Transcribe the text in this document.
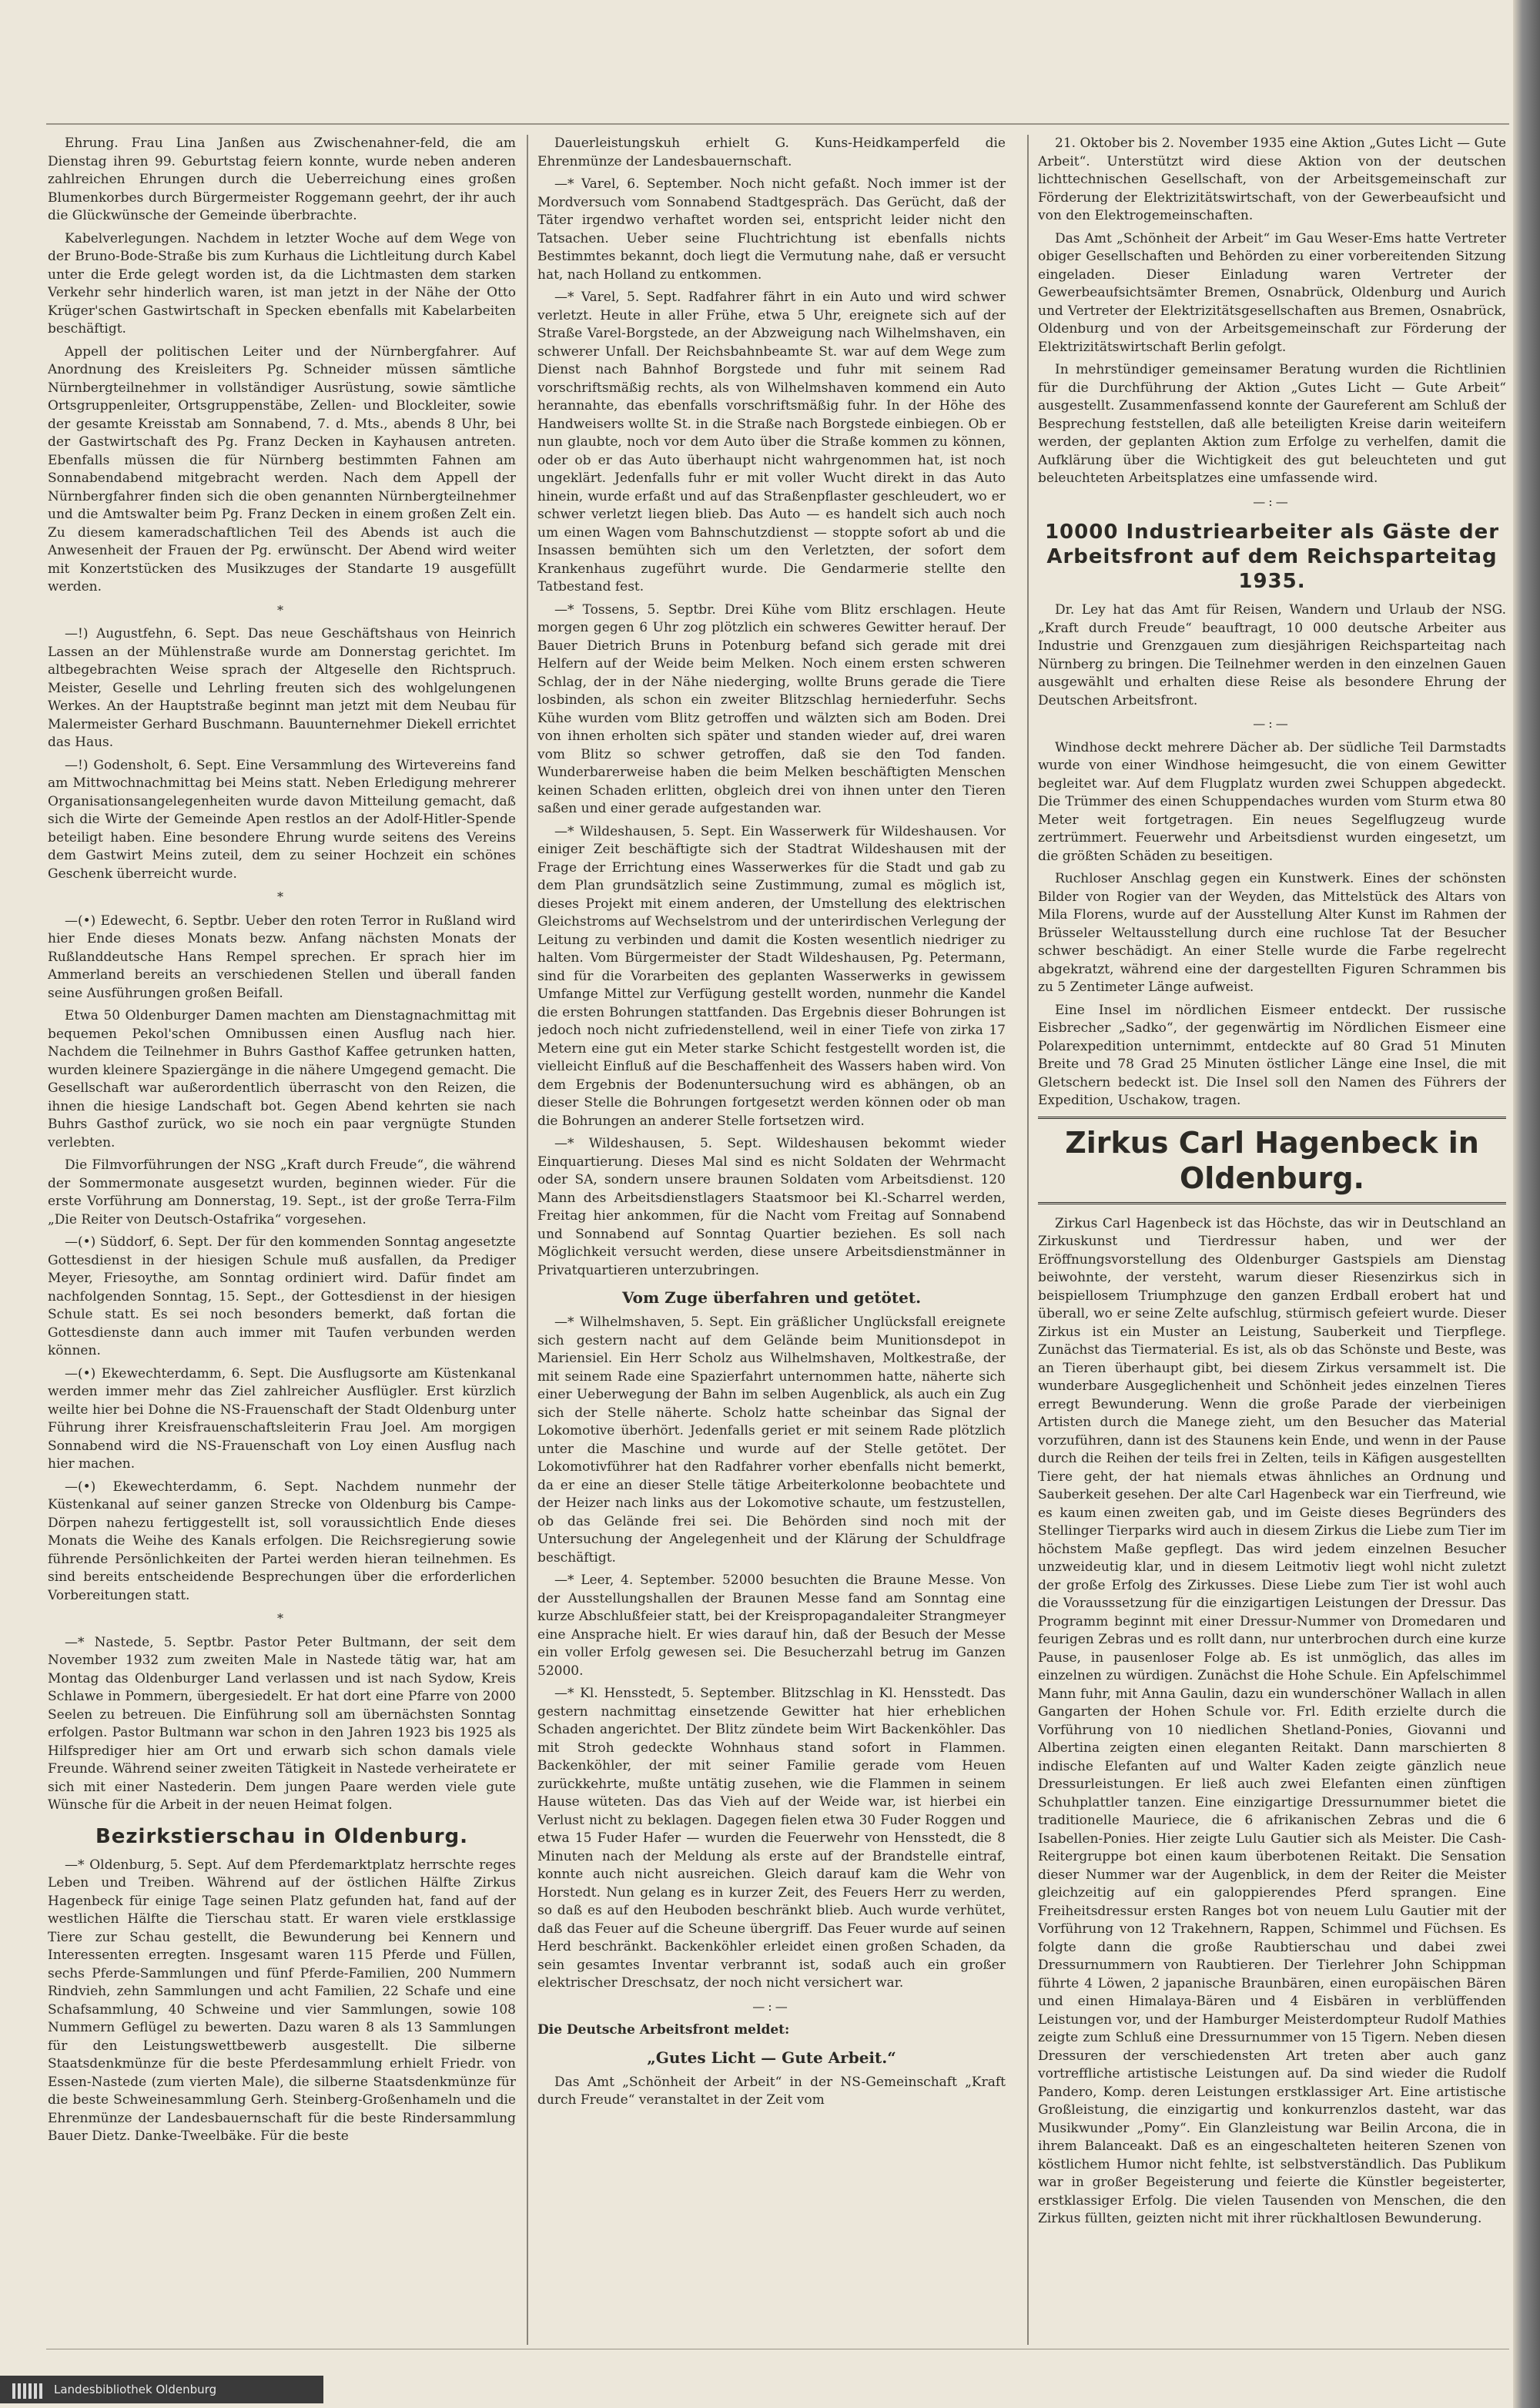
Ehrung. Frau Lina Janßen aus Zwischenahner-feld, die am Dienstag ihren 99. Geburtstag feiern konnte, wurde neben anderen zahlreichen Ehrungen durch die Ueberreichung eines großen Blumenkorbes durch Bürgermeister Roggemann geehrt, der ihr auch die Glückwünsche der Gemeinde überbrachte.

Kabelverlegungen. Nachdem in letzter Woche auf dem Wege von der Bruno-Bode-Straße bis zum Kurhaus die Lichtleitung durch Kabel unter die Erde gelegt worden ist, da die Lichtmasten dem starken Verkehr sehr hinderlich waren, ist man jetzt in der Nähe der Otto Krüger'schen Gastwirtschaft in Specken ebenfalls mit Kabelarbeiten beschäftigt.

Appell der politischen Leiter und der Nürnbergfahrer. Auf Anordnung des Kreisleiters Pg. Schneider müssen sämtliche Nürnbergteilnehmer in vollständiger Ausrüstung, sowie sämtliche Ortsgruppenleiter, Ortsgruppenstäbe, Zellen- und Blockleiter, sowie der gesamte Kreisstab am Sonnabend, 7. d. Mts., abends 8 Uhr, bei der Gastwirtschaft des Pg. Franz Decken in Kayhausen antreten. Ebenfalls müssen die für Nürnberg bestimmten Fahnen am Sonnabendabend mitgebracht werden. Nach dem Appell der Nürnbergfahrer finden sich die oben genannten Nürnbergteilnehmer und die Amtswalter beim Pg. Franz Decken in einem großen Zelt ein. Zu diesem kameradschaftlichen Teil des Abends ist auch die Anwesenheit der Frauen der Pg. erwünscht. Der Abend wird weiter mit Konzertstücken des Musikzuges der Standarte 19 ausgefüllt werden.

*

—!) Augustfehn, 6. Sept. Das neue Geschäftshaus von Heinrich Lassen an der Mühlenstraße wurde am Donnerstag gerichtet. Im altbegebrachten Weise sprach der Altgeselle den Richtspruch. Meister, Geselle und Lehrling freuten sich des wohlgelungenen Werkes. An der Hauptstraße beginnt man jetzt mit dem Neubau für Malermeister Gerhard Buschmann. Bauunternehmer Diekell errichtet das Haus.

—!) Godensholt, 6. Sept. Eine Versammlung des Wirtevereins fand am Mittwochnachmittag bei Meins statt. Neben Erledigung mehrerer Organisationsangelegenheiten wurde davon Mitteilung gemacht, daß sich die Wirte der Gemeinde Apen restlos an der Adolf-Hitler-Spende beteiligt haben. Eine besondere Ehrung wurde seitens des Vereins dem Gastwirt Meins zuteil, dem zu seiner Hochzeit ein schönes Geschenk überreicht wurde.

*

—(•) Edewecht, 6. Septbr. Ueber den roten Terror in Rußland wird hier Ende dieses Monats bezw. Anfang nächsten Monats der Rußlanddeutsche Hans Rempel sprechen. Er sprach hier im Ammerland bereits an verschiedenen Stellen und überall fanden seine Ausführungen großen Beifall.

Etwa 50 Oldenburger Damen machten am Dienstagnachmittag mit bequemen Pekol'schen Omnibussen einen Ausflug nach hier. Nachdem die Teilnehmer in Buhrs Gasthof Kaffee getrunken hatten, wurden kleinere Spaziergänge in die nähere Umgegend gemacht. Die Gesellschaft war außerordentlich überrascht von den Reizen, die ihnen die hiesige Landschaft bot. Gegen Abend kehrten sie nach Buhrs Gasthof zurück, wo sie noch ein paar vergnügte Stunden verlebten.

Die Filmvorführungen der NSG „Kraft durch Freude“, die während der Sommermonate ausgesetzt wurden, beginnen wieder. Für die erste Vorführung am Donnerstag, 19. Sept., ist der große Terra-Film „Die Reiter von Deutsch-Ostafrika“ vorgesehen.

—(•) Süddorf, 6. Sept. Der für den kommenden Sonntag angesetzte Gottesdienst in der hiesigen Schule muß ausfallen, da Prediger Meyer, Friesoythe, am Sonntag ordiniert wird. Dafür findet am nachfolgenden Sonntag, 15. Sept., der Gottesdienst in der hiesigen Schule statt. Es sei noch besonders bemerkt, daß fortan die Gottesdienste dann auch immer mit Taufen verbunden werden können.

—(•) Ekewechterdamm, 6. Sept. Die Ausflugsorte am Küstenkanal werden immer mehr das Ziel zahlreicher Ausflügler. Erst kürzlich weilte hier bei Dohne die NS-Frauenschaft der Stadt Oldenburg unter Führung ihrer Kreisfrauenschaftsleiterin Frau Joel. Am morgigen Sonnabend wird die NS-Frauenschaft von Loy einen Ausflug nach hier machen.

—(•) Ekewechterdamm, 6. Sept. Nachdem nunmehr der Küstenkanal auf seiner ganzen Strecke von Oldenburg bis Campe-Dörpen nahezu fertiggestellt ist, soll voraussichtlich Ende dieses Monats die Weihe des Kanals erfolgen. Die Reichsregierung sowie führende Persönlichkeiten der Partei werden hieran teilnehmen. Es sind bereits entscheidende Besprechungen über die erforderlichen Vorbereitungen statt.

*

—* Nastede, 5. Septbr. Pastor Peter Bultmann, der seit dem November 1932 zum zweiten Male in Nastede tätig war, hat am Montag das Oldenburger Land verlassen und ist nach Sydow, Kreis Schlawe in Pommern, übergesiedelt. Er hat dort eine Pfarre von 2000 Seelen zu betreuen. Die Einführung soll am übernächsten Sonntag erfolgen. Pastor Bultmann war schon in den Jahren 1923 bis 1925 als Hilfsprediger hier am Ort und erwarb sich schon damals viele Freunde. Während seiner zweiten Tätigkeit in Nastede verheiratete er sich mit einer Nastederin. Dem jungen Paare werden viele gute Wünsche für die Arbeit in der neuen Heimat folgen.

Bezirkstierschau in Oldenburg.

—* Oldenburg, 5. Sept. Auf dem Pferdemarktplatz herrschte reges Leben und Treiben. Während auf der östlichen Hälfte Zirkus Hagenbeck für einige Tage seinen Platz gefunden hat, fand auf der westlichen Hälfte die Tierschau statt. Er waren viele erstklassige Tiere zur Schau gestellt, die Bewunderung bei Kennern und Interessenten erregten. Insgesamt waren 115 Pferde und Füllen, sechs Pferde-Sammlungen und fünf Pferde-Familien, 200 Nummern Rindvieh, zehn Sammlungen und acht Familien, 22 Schafe und eine Schafsammlung, 40 Schweine und vier Sammlungen, sowie 108 Nummern Geflügel zu bewerten. Dazu waren 8 als 13 Sammlungen für den Leistungswettbewerb ausgestellt. Die silberne Staatsdenkmünze für die beste Pferdesammlung erhielt Friedr. von Essen-Nastede (zum vierten Male), die silberne Staatsdenkmünze für die beste Schweinesammlung Gerh. Steinberg-Großenhameln und die Ehrenmünze der Landesbauernschaft für die beste Rindersammlung Bauer Dietz. Danke-Tweelbäke. Für die beste

Dauerleistungskuh erhielt G. Kuns-Heidkamperfeld die Ehrenmünze der Landesbauernschaft.

—* Varel, 6. September. Noch nicht gefaßt. Noch immer ist der Mordversuch vom Sonnabend Stadtgespräch. Das Gerücht, daß der Täter irgendwo verhaftet worden sei, entspricht leider nicht den Tatsachen. Ueber seine Fluchtrichtung ist ebenfalls nichts Bestimmtes bekannt, doch liegt die Vermutung nahe, daß er versucht hat, nach Holland zu entkommen.

—* Varel, 5. Sept. Radfahrer fährt in ein Auto und wird schwer verletzt. Heute in aller Frühe, etwa 5 Uhr, ereignete sich auf der Straße Varel-Borgstede, an der Abzweigung nach Wilhelmshaven, ein schwerer Unfall. Der Reichsbahnbeamte St. war auf dem Wege zum Dienst nach Bahnhof Borgstede und fuhr mit seinem Rad vorschriftsmäßig rechts, als von Wilhelmshaven kommend ein Auto herannahte, das ebenfalls vorschriftsmäßig fuhr. In der Höhe des Handweisers wollte St. in die Straße nach Borgstede einbiegen. Ob er nun glaubte, noch vor dem Auto über die Straße kommen zu können, oder ob er das Auto überhaupt nicht wahrgenommen hat, ist noch ungeklärt. Jedenfalls fuhr er mit voller Wucht direkt in das Auto hinein, wurde erfaßt und auf das Straßenpflaster geschleudert, wo er schwer verletzt liegen blieb. Das Auto — es handelt sich auch noch um einen Wagen vom Bahnschutzdienst — stoppte sofort ab und die Insassen bemühten sich um den Verletzten, der sofort dem Krankenhaus zugeführt wurde. Die Gendarmerie stellte den Tatbestand fest.

—* Tossens, 5. Septbr. Drei Kühe vom Blitz erschlagen. Heute morgen gegen 6 Uhr zog plötzlich ein schweres Gewitter herauf. Der Bauer Dietrich Bruns in Potenburg befand sich gerade mit drei Helfern auf der Weide beim Melken. Noch einem ersten schweren Schlag, der in der Nähe niederging, wollte Bruns gerade die Tiere losbinden, als schon ein zweiter Blitzschlag herniederfuhr. Sechs Kühe wurden vom Blitz getroffen und wälzten sich am Boden. Drei von ihnen erholten sich später und standen wieder auf, drei waren vom Blitz so schwer getroffen, daß sie den Tod fanden. Wunderbarerweise haben die beim Melken beschäftigten Menschen keinen Schaden erlitten, obgleich drei von ihnen unter den Tieren saßen und einer gerade aufgestanden war.

—* Wildeshausen, 5. Sept. Ein Wasserwerk für Wildeshausen. Vor einiger Zeit beschäftigte sich der Stadtrat Wildeshausen mit der Frage der Errichtung eines Wasserwerkes für die Stadt und gab zu dem Plan grundsätzlich seine Zustimmung, zumal es möglich ist, dieses Projekt mit einem anderen, der Umstellung des elektrischen Gleichstroms auf Wechselstrom und der unterirdischen Verlegung der Leitung zu verbinden und damit die Kosten wesentlich niedriger zu halten. Vom Bürgermeister der Stadt Wildeshausen, Pg. Petermann, sind für die Vorarbeiten des geplanten Wasserwerks in gewissem Umfange Mittel zur Verfügung gestellt worden, nunmehr die Kandel die ersten Bohrungen stattfanden. Das Ergebnis dieser Bohrungen ist jedoch noch nicht zufriedenstellend, weil in einer Tiefe von zirka 17 Metern eine gut ein Meter starke Schicht festgestellt worden ist, die vielleicht Einfluß auf die Beschaffenheit des Wassers haben wird. Von dem Ergebnis der Bodenuntersuchung wird es abhängen, ob an dieser Stelle die Bohrungen fortgesetzt werden können oder ob man die Bohrungen an anderer Stelle fortsetzen wird.

—* Wildeshausen, 5. Sept. Wildeshausen bekommt wieder Einquartierung. Dieses Mal sind es nicht Soldaten der Wehrmacht oder SA, sondern unsere braunen Soldaten vom Arbeitsdienst. 120 Mann des Arbeitsdienstlagers Staatsmoor bei Kl.-Scharrel werden, Freitag hier ankommen, für die Nacht vom Freitag auf Sonnabend und Sonnabend auf Sonntag Quartier beziehen. Es soll nach Möglichkeit versucht werden, diese unsere Arbeitsdienstmänner in Privatquartieren unterzubringen.

Vom Zuge überfahren und getötet.

—* Wilhelmshaven, 5. Sept. Ein gräßlicher Unglücksfall ereignete sich gestern nacht auf dem Gelände beim Munitionsdepot in Mariensiel. Ein Herr Scholz aus Wilhelmshaven, Moltkestraße, der mit seinem Rade eine Spazierfahrt unternommen hatte, näherte sich einer Ueberwegung der Bahn im selben Augenblick, als auch ein Zug sich der Stelle näherte. Scholz hatte scheinbar das Signal der Lokomotive überhört. Jedenfalls geriet er mit seinem Rade plötzlich unter die Maschine und wurde auf der Stelle getötet. Der Lokomotivführer hat den Radfahrer vorher ebenfalls nicht bemerkt, da er eine an dieser Stelle tätige Arbeiterkolonne beobachtete und der Heizer nach links aus der Lokomotive schaute, um festzustellen, ob das Gelände frei sei. Die Behörden sind noch mit der Untersuchung der Angelegenheit und der Klärung der Schuldfrage beschäftigt.

—* Leer, 4. September. 52000 besuchten die Braune Messe. Von der Ausstellungshallen der Braunen Messe fand am Sonntag eine kurze Abschlußfeier statt, bei der Kreispropagandaleiter Strangmeyer eine Ansprache hielt. Er wies darauf hin, daß der Besuch der Messe ein voller Erfolg gewesen sei. Die Besucherzahl betrug im Ganzen 52000.

—* Kl. Hensstedt, 5. September. Blitzschlag in Kl. Hensstedt. Das gestern nachmittag einsetzende Gewitter hat hier erheblichen Schaden angerichtet. Der Blitz zündete beim Wirt Backenköhler. Das mit Stroh gedeckte Wohnhaus stand sofort in Flammen. Backenköhler, der mit seiner Familie gerade vom Heuen zurückkehrte, mußte untätig zusehen, wie die Flammen in seinem Hause wüteten. Das das Vieh auf der Weide war, ist hierbei ein Verlust nicht zu beklagen. Dagegen fielen etwa 30 Fuder Roggen und etwa 15 Fuder Hafer — wurden die Feuerwehr von Hensstedt, die 8 Minuten nach der Meldung als erste auf der Brandstelle eintraf, konnte auch nicht ausreichen. Gleich darauf kam die Wehr von Horstedt. Nun gelang es in kurzer Zeit, des Feuers Herr zu werden, so daß es auf den Heuboden beschränkt blieb. Auch wurde verhütet, daß das Feuer auf die Scheune übergriff. Das Feuer wurde auf seinen Herd beschränkt. Backenköhler erleidet einen großen Schaden, da sein gesamtes Inventar verbrannt ist, sodaß auch ein großer elektrischer Dreschsatz, der noch nicht versichert war.

—:—

Die Deutsche Arbeitsfront meldet:

„Gutes Licht — Gute Arbeit.“

Das Amt „Schönheit der Arbeit“ in der NS-Gemeinschaft „Kraft durch Freude“ veranstaltet in der Zeit vom

21. Oktober bis 2. November 1935 eine Aktion „Gutes Licht — Gute Arbeit“. Unterstützt wird diese Aktion von der deutschen lichttechnischen Gesellschaft, von der Arbeitsgemeinschaft zur Förderung der Elektrizitätswirtschaft, von der Gewerbeaufsicht und von den Elektrogemeinschaften.

Das Amt „Schönheit der Arbeit“ im Gau Weser-Ems hatte Vertreter obiger Gesellschaften und Behörden zu einer vorbereitenden Sitzung eingeladen. Dieser Einladung waren Vertreter der Gewerbeaufsichtsämter Bremen, Osnabrück, Oldenburg und Aurich und Vertreter der Elektrizitätsgesellschaften aus Bremen, Osnabrück, Oldenburg und von der Arbeitsgemeinschaft zur Förderung der Elektrizitätswirtschaft Berlin gefolgt.

In mehrstündiger gemeinsamer Beratung wurden die Richtlinien für die Durchführung der Aktion „Gutes Licht — Gute Arbeit“ ausgestellt. Zusammenfassend konnte der Gaureferent am Schluß der Besprechung feststellen, daß alle beteiligten Kreise darin weiteifern werden, der geplanten Aktion zum Erfolge zu verhelfen, damit die Aufklärung über die Wichtigkeit des gut beleuchteten und gut beleuchteten Arbeitsplatzes eine umfassende wird.

—:—

10000 Industriearbeiter als Gäste der Arbeitsfront auf dem Reichsparteitag 1935.

Dr. Ley hat das Amt für Reisen, Wandern und Urlaub der NSG. „Kraft durch Freude“ beauftragt, 10 000 deutsche Arbeiter aus Industrie und Grenzgauen zum diesjährigen Reichsparteitag nach Nürnberg zu bringen. Die Teilnehmer werden in den einzelnen Gauen ausgewählt und erhalten diese Reise als besondere Ehrung der Deutschen Arbeitsfront.

—:—

Windhose deckt mehrere Dächer ab. Der südliche Teil Darmstadts wurde von einer Windhose heimgesucht, die von einem Gewitter begleitet war. Auf dem Flugplatz wurden zwei Schuppen abgedeckt. Die Trümmer des einen Schuppendaches wurden vom Sturm etwa 80 Meter weit fortgetragen. Ein neues Segelflugzeug wurde zertrümmert. Feuerwehr und Arbeitsdienst wurden eingesetzt, um die größten Schäden zu beseitigen.

Ruchloser Anschlag gegen ein Kunstwerk. Eines der schönsten Bilder von Rogier van der Weyden, das Mittelstück des Altars von Mila Florens, wurde auf der Ausstellung Alter Kunst im Rahmen der Brüsseler Weltausstellung durch eine ruchlose Tat der Besucher schwer beschädigt. An einer Stelle wurde die Farbe regelrecht abgekratzt, während eine der dargestellten Figuren Schrammen bis zu 5 Zentimeter Länge aufweist.

Eine Insel im nördlichen Eismeer entdeckt. Der russische Eisbrecher „Sadko“, der gegenwärtig im Nördlichen Eismeer eine Polarexpedition unternimmt, entdeckte auf 80 Grad 51 Minuten Breite und 78 Grad 25 Minuten östlicher Länge eine Insel, die mit Gletschern bedeckt ist. Die Insel soll den Namen des Führers der Expedition, Uschakow, tragen.

Zirkus Carl Hagenbeck in Oldenburg.

Zirkus Carl Hagenbeck ist das Höchste, das wir in Deutschland an Zirkuskunst und Tierdressur haben, und wer der Eröffnungsvorstellung des Oldenburger Gastspiels am Dienstag beiwohnte, der versteht, warum dieser Riesenzirkus sich in beispiellosem Triumphzuge den ganzen Erdball erobert hat und überall, wo er seine Zelte aufschlug, stürmisch gefeiert wurde. Dieser Zirkus ist ein Muster an Leistung, Sauberkeit und Tierpflege. Zunächst das Tiermaterial. Es ist, als ob das Schönste und Beste, was an Tieren überhaupt gibt, bei diesem Zirkus versammelt ist. Die wunderbare Ausgeglichenheit und Schönheit jedes einzelnen Tieres erregt Bewunderung. Wenn die große Parade der vierbeinigen Artisten durch die Manege zieht, um den Besucher das Material vorzuführen, dann ist des Staunens kein Ende, und wenn in der Pause durch die Reihen der teils frei in Zelten, teils in Käfigen ausgestellten Tiere geht, der hat niemals etwas ähnliches an Ordnung und Sauberkeit gesehen. Der alte Carl Hagenbeck war ein Tierfreund, wie es kaum einen zweiten gab, und im Geiste dieses Begründers des Stellinger Tierparks wird auch in diesem Zirkus die Liebe zum Tier im höchstem Maße gepflegt. Das wird jedem einzelnen Besucher unzweideutig klar, und in diesem Leitmotiv liegt wohl nicht zuletzt der große Erfolg des Zirkusses. Diese Liebe zum Tier ist wohl auch die Vorausssetzung für die einzigartigen Leistungen der Dressur. Das Programm beginnt mit einer Dressur-Nummer von Dromedaren und feurigen Zebras und es rollt dann, nur unterbrochen durch eine kurze Pause, in pausenloser Folge ab. Es ist unmöglich, das alles im einzelnen zu würdigen. Zunächst die Hohe Schule. Ein Apfelschimmel Mann fuhr, mit Anna Gaulin, dazu ein wunderschöner Wallach in allen Gangarten der Hohen Schule vor. Frl. Edith erzielte durch die Vorführung von 10 niedlichen Shetland-Ponies, Giovanni und Albertina zeigten einen eleganten Reitakt. Dann marschierten 8 indische Elefanten auf und Walter Kaden zeigte gänzlich neue Dressurleistungen. Er ließ auch zwei Elefanten einen zünftigen Schuhplattler tanzen. Eine einzigartige Dressurnummer bietet die traditionelle Mauriece, die 6 afrikanischen Zebras und die 6 Isabellen-Ponies. Hier zeigte Lulu Gautier sich als Meister. Die Cash-Reitergruppe bot einen kaum überbotenen Reitakt. Die Sensation dieser Nummer war der Augenblick, in dem der Reiter die Meister gleichzeitig auf ein galoppierendes Pferd sprangen. Eine Freiheitsdressur ersten Ranges bot von neuem Lulu Gautier mit der Vorführung von 12 Trakehnern, Rappen, Schimmel und Füchsen. Es folgte dann die große Raubtierschau und dabei zwei Dressurnummern von Raubtieren. Der Tierlehrer John Schippman führte 4 Löwen, 2 japanische Braunbären, einen europäischen Bären und einen Himalaya-Bären und 4 Eisbären in verblüffenden Leistungen vor, und der Hamburger Meisterdompteur Rudolf Mathies zeigte zum Schluß eine Dressurnummer von 15 Tigern. Neben diesen Dressuren der verschiedensten Art treten aber auch ganz vortreffliche artistische Leistungen auf. Da sind wieder die Rudolf Pandero, Komp. deren Leistungen erstklassiger Art. Eine artistische Großleistung, die einzigartig und konkurrenzlos dasteht, war das Musikwunder „Pomy“. Ein Glanzleistung war Beilin Arcona, die in ihrem Balanceakt. Daß es an eingeschalteten heiteren Szenen von köstlichem Humor nicht fehlte, ist selbstverständlich. Das Publikum war in großer Begeisterung und feierte die Künstler begeisterter, erstklassiger Erfolg. Die vielen Tausenden von Menschen, die den Zirkus füllten, geizten nicht mit ihrer rückhaltlosen Bewunderung.

Landesbibliothek Oldenburg
